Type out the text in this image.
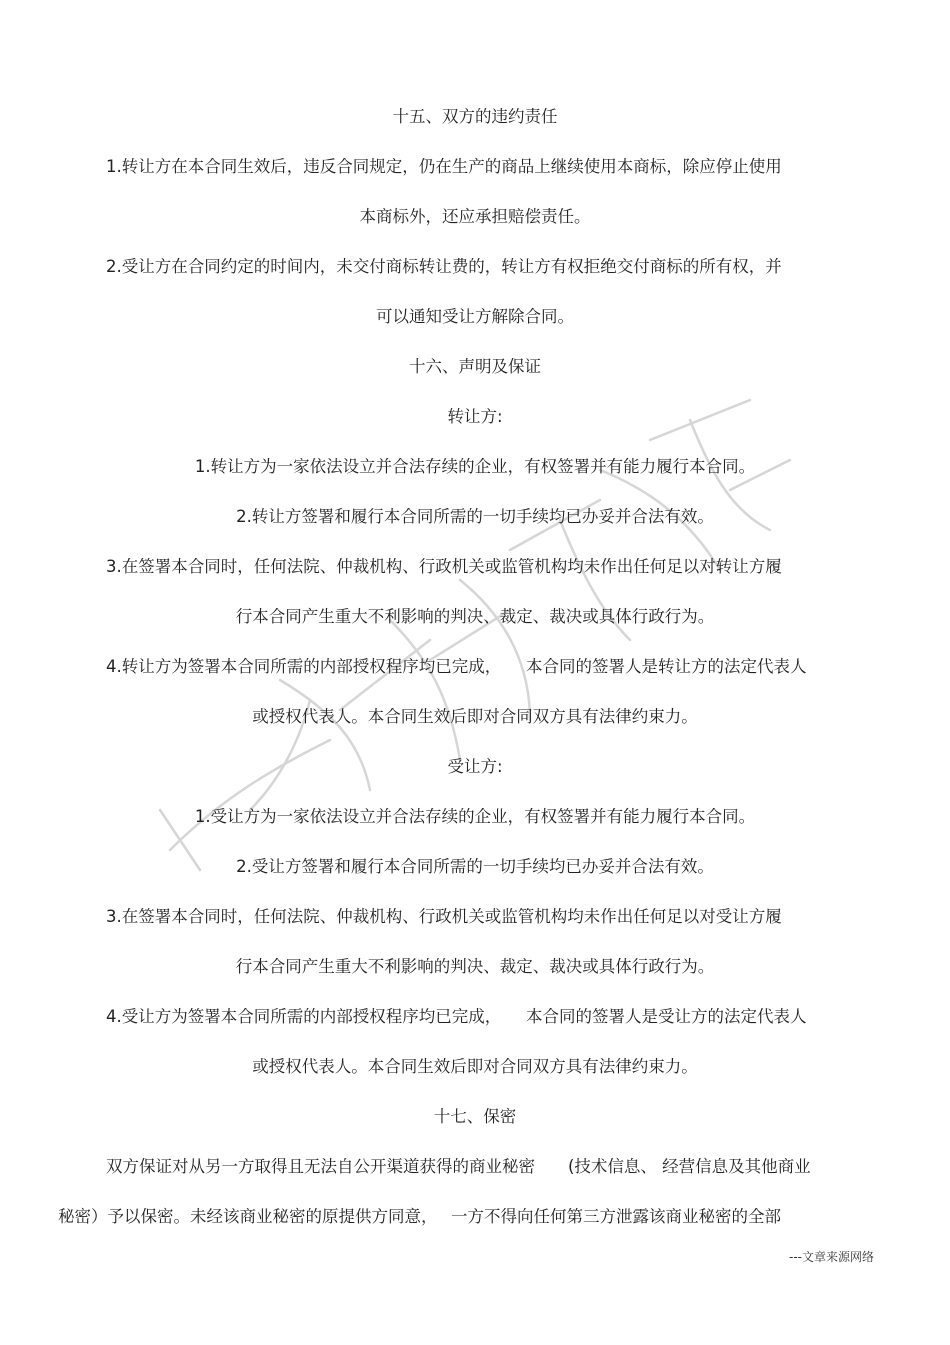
十五、双方的违约责任
1.转让方在本合同生效后，违反合同规定，仍在生产的商品上继续使用本商标，除应停止使用
本商标外，还应承担赔偿责任。
2.受让方在合同约定的时间内，未交付商标转让费的，转让方有权拒绝交付商标的所有权，并
可以通知受让方解除合同。
十六、声明及保证
转让方:
1.转让方为一家依法设立并合法存续的企业，有权签署并有能力履行本合同。
2.转让方签署和履行本合同所需的一切手续均已办妥并合法有效。
3.在签署本合同时，任何法院、仲裁机构、行政机关或监管机构均未作出任何足以对转让方履
行本合同产生重大不利影响的判决、裁定、裁决或具体行政行为。
4.转让方为签署本合同所需的内部授权程序均已完成，　　本合同的签署人是转让方的法定代表人
或授权代表人。本合同生效后即对合同双方具有法律约束力。
受让方:
1.受让方为一家依法设立并合法存续的企业，有权签署并有能力履行本合同。
2.受让方签署和履行本合同所需的一切手续均已办妥并合法有效。
3.在签署本合同时，任何法院、仲裁机构、行政机关或监管机构均未作出任何足以对受让方履
行本合同产生重大不利影响的判决、裁定、裁决或具体行政行为。
4.受让方为签署本合同所需的内部授权程序均已完成，　　本合同的签署人是受让方的法定代表人
或授权代表人。本合同生效后即对合同双方具有法律约束力。
十七、保密
双方保证对从另一方取得且无法自公开渠道获得的商业秘密　　(技术信息、 经营信息及其他商业
秘密）予以保密。未经该商业秘密的原提供方同意，　 一方不得向任何第三方泄露该商业秘密的全部
---文章来源网络
